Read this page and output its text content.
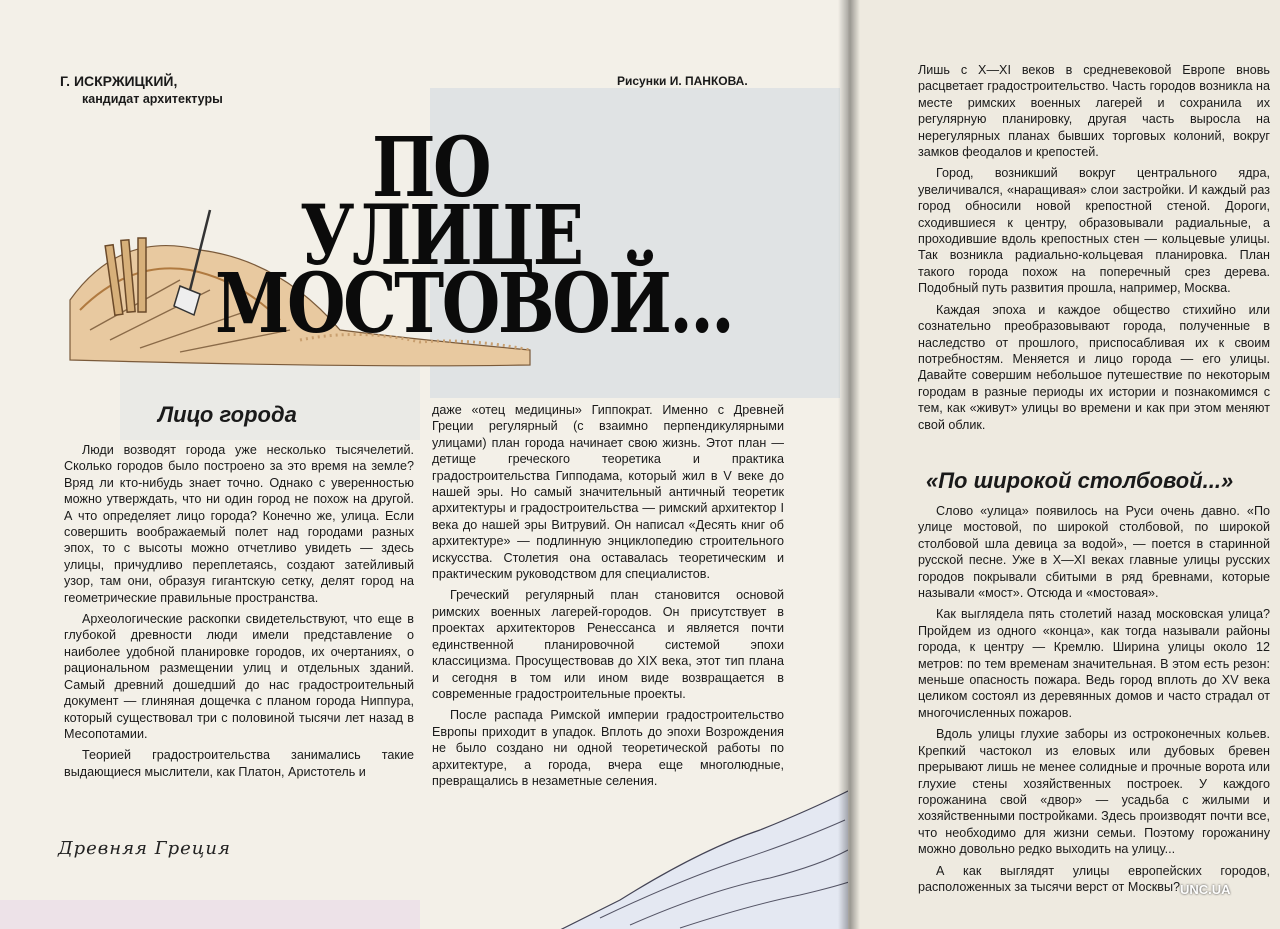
Г. ИСКРЖИЦКИЙ,
кандидат архитектуры
Рисунки И. ПАНКОВА.
ПО
УЛИЦЕ
МОСТОВОЙ...
Лицо города

Люди возводят города уже несколько тысячелетий. Сколько городов было построено за это время на земле? Вряд ли кто-нибудь знает точно. Однако с уверенностью можно утверждать, что ни один город не похож на другой. А что определяет лицо города? Конечно же, улица. Если совершить воображаемый полет над городами разных эпох, то с высоты можно отчетливо увидеть — здесь улицы, причудливо переплетаясь, создают затейливый узор, там они, образуя гигантскую сетку, делят город на геометрические правильные пространства.

Археологические раскопки свидетельствуют, что еще в глубокой древности люди имели представление о наиболее удобной планировке городов, их очертаниях, о рациональном размещении улиц и отдельных зданий. Самый древний дошедший до нас градостроительный документ — глиняная дощечка с планом города Ниппура, который существовал три с половиной тысячи лет назад в Месопотамии.

Теорией градостроительства занимались такие выдающиеся мыслители, как Платон, Аристотель и

даже «отец медицины» Гиппократ. Именно с Древней Греции регулярный (с взаимно перпендикулярными улицами) план города начинает свою жизнь. Этот план — детище греческого теоретика и практика градостроительства Гипподама, который жил в V веке до нашей эры. Но самый значительный античный теоретик архитектуры и градостроительства — римский архитектор I века до нашей эры Витрувий. Он написал «Десять книг об архитектуре» — подлинную энциклопедию строительного искусства. Столетия она оставалась теоретическим и практическим руководством для специалистов.

Греческий регулярный план становится основой римских военных лагерей-городов. Он присутствует в проектах архитекторов Ренессанса и является почти единственной планировочной системой эпохи классицизма. Просуществовав до XIX века, этот тип плана и сегодня в том или ином виде возвращается в современные градостроительные проекты.

После распада Римской империи градостроительство Европы приходит в упадок. Вплоть до эпохи Возрождения не было создано ни одной теоретической работы по архитектуре, а города, вчера еще многолюдные, превращались в незаметные селения.

Древняя Греция

Лишь с X—XI веков в средневековой Европе вновь расцветает градостроительство. Часть городов возникла на месте римских военных лагерей и сохранила их регулярную планировку, другая часть выросла на нерегулярных планах бывших торговых колоний, вокруг замков феодалов и крепостей.

Город, возникший вокруг центрального ядра, увеличивался, «наращивая» слои застройки. И каждый раз город обносили новой крепостной стеной. Дороги, сходившиеся к центру, образовывали радиальные, а проходившие вдоль крепостных стен — кольцевые улицы. Так возникла радиально-кольцевая планировка. План такого города похож на поперечный срез дерева. Подобный путь развития прошла, например, Москва.

Каждая эпоха и каждое общество стихийно или сознательно преобразовывают города, полученные в наследство от прошлого, приспосабливая их к своим потребностям. Меняется и лицо города — его улицы. Давайте совершим небольшое путешествие по некоторым городам в разные периоды их истории и познакомимся с тем, как «живут» улицы во времени и как при этом меняют свой облик.

«По широкой столбовой...»

Слово «улица» появилось на Руси очень давно. «По улице мостовой, по широкой столбовой, по широкой столбовой шла девица за водой», — поется в старинной русской песне. Уже в X—XI веках главные улицы русских городов покрывали сбитыми в ряд бревнами, которые называли «мост». Отсюда и «мостовая».

Как выглядела пять столетий назад московская улица? Пройдем из одного «конца», как тогда называли районы города, к центру — Кремлю. Ширина улицы около 12 метров: по тем временам значительная. В этом есть резон: меньше опасность пожара. Ведь город вплоть до XV века целиком состоял из деревянных домов и часто страдал от многочисленных пожаров.

Вдоль улицы глухие заборы из остроконечных кольев. Крепкий частокол из еловых или дубовых бревен прерывают лишь не менее солидные и прочные ворота или глухие стены хозяйственных построек. У каждого горожанина свой «двор» — усадьба с жилыми и хозяйственными постройками. Здесь производят почти все, что необходимо для жизни семьи. Поэтому горожанину можно довольно редко выходить на улицу...

А как выглядят улицы европейских городов, расположенных за тысячи верст от Москвы? UNC.UA
